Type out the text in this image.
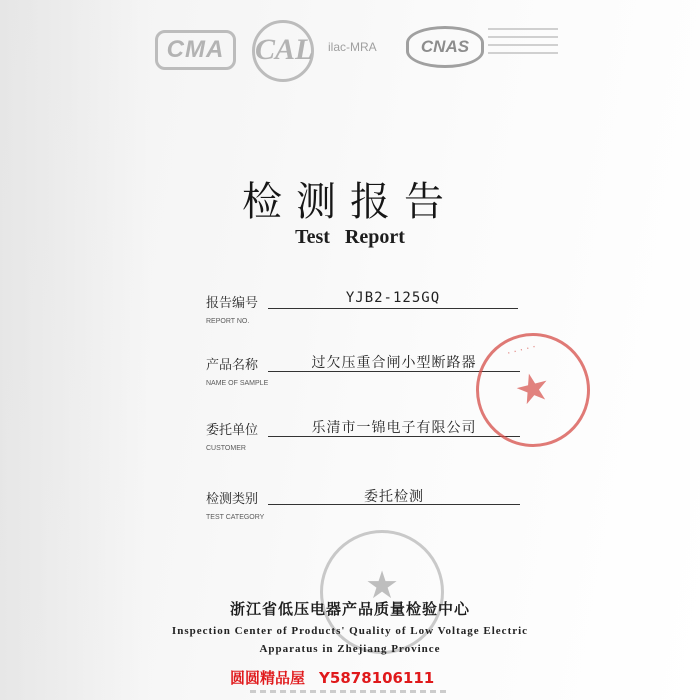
CMA	CAL ilac-MRA	CNAS
检测报告
Test Report
报告编号
REPORT NO.
YJB2-125GQ
产品名称
NAME OF SAMPLE
过欠压重合闸小型断路器
委托单位
CUSTOMER
乐清市一锦电子有限公司
检测类别
TEST CATEGORY
委托检测
·····
★
★
浙江省低压电器产品质量检验中心
Inspection Center of Products' Quality of Low Voltage Electric
Apparatus in Zhejiang Province
圆圆精品屋 Y5878106111
